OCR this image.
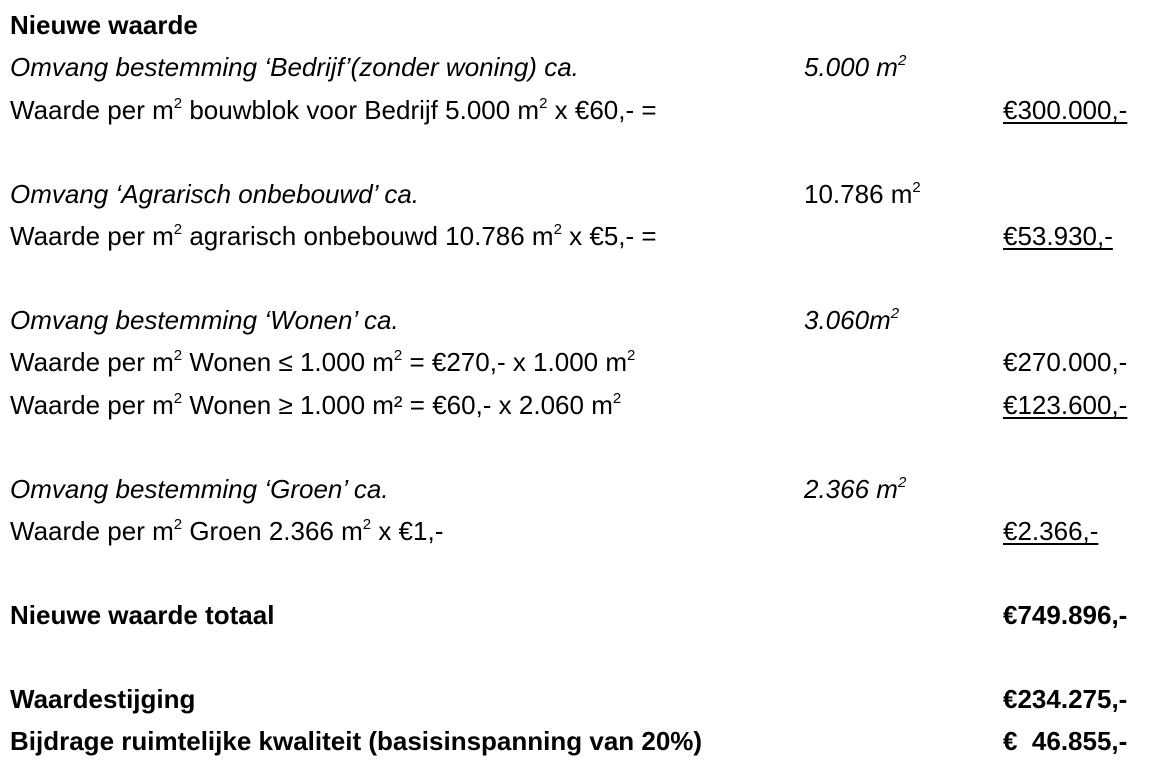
Nieuwe waarde
Omvang bestemming ‘Bedrijf’(zonder woning) ca.	5.000 $m^2$
Waarde per $m^2$ bouwblok voor Bedrijf 5.000 $m^2$ x €60,- =	€300.000,-
Omvang ‘Agrarisch onbebouwd’ ca.	10.786 $m^2$
Waarde per $m^2$ agrarisch onbebouwd 10.786 $m^2$ x €5,- =	€53.930,-
Omvang bestemming ‘Wonen’ ca.	$3.060m^2$
Waarde per $m^2$ Wonen ≤ 1.000 $m^2$ = €270,- x 1.000 $m^2$	€270.000,-
Waarde per $m^2$ Wonen ≥ 1.000 m² = €60,- x 2.060 $m^2$	€123.600,-
Omvang bestemming ‘Groen’ ca.	2.366 $m^2$
Waarde per $m^2$ Groen 2.366 $m^2$ x €1,-	€2.366,-
Nieuwe waarde totaal	€749.896,-
Waardestijging	€234.275,-
Bijdrage ruimtelijke kwaliteit (basisinspanning van 20%)	€  46.855,-
